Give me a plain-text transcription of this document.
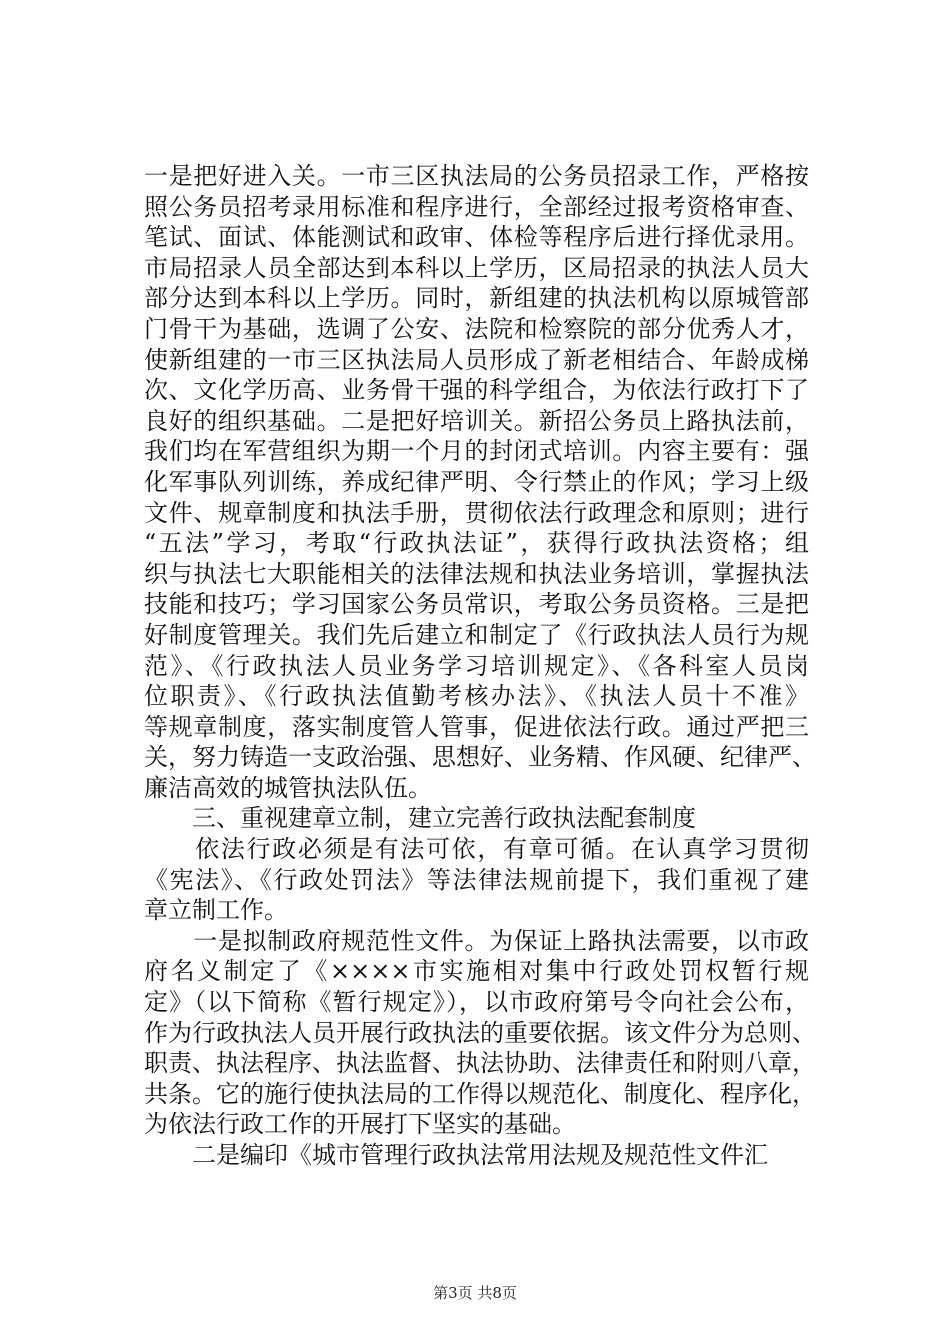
一是把好进入关。一市三区执法局的公务员招录工作，严格按
照公务员招考录用标准和程序进行，全部经过报考资格审查、
笔试、面试、体能测试和政审、体检等程序后进行择优录用。
市局招录人员全部达到本科以上学历，区局招录的执法人员大
部分达到本科以上学历。同时，新组建的执法机构以原城管部
门骨干为基础，选调了公安、法院和检察院的部分优秀人才，
使新组建的一市三区执法局人员形成了新老相结合、年龄成梯
次、文化学历高、业务骨干强的科学组合，为依法行政打下了
良好的组织基础。二是把好培训关。新招公务员上路执法前，
我们均在军营组织为期一个月的封闭式培训。内容主要有：强
化军事队列训练，养成纪律严明、令行禁止的作风；学习上级
文件、规章制度和执法手册，贯彻依法行政理念和原则；进行
“五法”学习，考取“行政执法证”，获得行政执法资格；组
织与执法七大职能相关的法律法规和执法业务培训，掌握执法
技能和技巧；学习国家公务员常识，考取公务员资格。三是把
好制度管理关。我们先后建立和制定了《行政执法人员行为规
范》、《行政执法人员业务学习培训规定》、《各科室人员岗
位职责》、《行政执法值勤考核办法》、《执法人员十不准》
等规章制度，落实制度管人管事，促进依法行政。通过严把三
关，努力铸造一支政治强、思想好、业务精、作风硬、纪律严、
廉洁高效的城管执法队伍。
　　三、重视建章立制，建立完善行政执法配套制度
　　依法行政必须是有法可依，有章可循。在认真学习贯彻
《宪法》、《行政处罚法》等法律法规前提下，我们重视了建
章立制工作。
　　一是拟制政府规范性文件。为保证上路执法需要，以市政
府名义制定了《××××市实施相对集中行政处罚权暂行规
定》（以下简称《暂行规定》），以市政府第号令向社会公布，
作为行政执法人员开展行政执法的重要依据。该文件分为总则、
职责、执法程序、执法监督、执法协助、法律责任和附则八章，
共条。它的施行使执法局的工作得以规范化、制度化、程序化，
为依法行政工作的开展打下坚实的基础。
　　二是编印《城市管理行政执法常用法规及规范性文件汇
第3页 共8页
